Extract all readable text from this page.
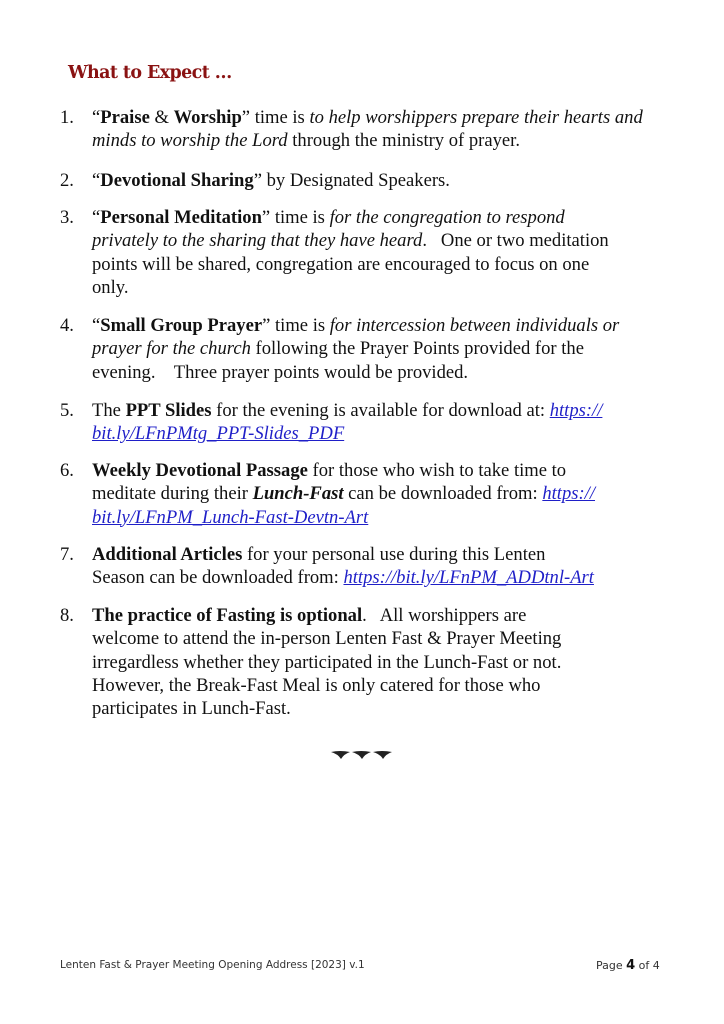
What to Expect …
1. “Praise & Worship” time is to help worshippers prepare their hearts and
minds to worship the Lord through the ministry of prayer.
2. “Devotional Sharing” by Designated Speakers.
3. “Personal Meditation” time is for the congregation to respond
privately to the sharing that they have heard.   One or two meditation
points will be shared, congregation are encouraged to focus on one
only.
4. “Small Group Prayer” time is for intercession between individuals or
prayer for the church following the Prayer Points provided for the
evening.    Three prayer points would be provided.
5. The PPT Slides for the evening is available for download at: https://
bit.ly/LFnPMtg_PPT-Slides_PDF
6. Weekly Devotional Passage for those who wish to take time to
meditate during their Lunch-Fast can be downloaded from: https://
bit.ly/LFnPM_Lunch-Fast-Devtn-Art
7. Additional Articles for your personal use during this Lenten
Season can be downloaded from: https://bit.ly/LFnPM_ADDtnl-Art
8. The practice of Fasting is optional.   All worshippers are
welcome to attend the in-person Lenten Fast & Prayer Meeting
irregardless whether they participated in the Lunch-Fast or not.
However, the Break-Fast Meal is only catered for those who
participates in Lunch-Fast.
Lenten Fast & Prayer Meeting Opening Address [2023] v.1	Page 4 of 4
